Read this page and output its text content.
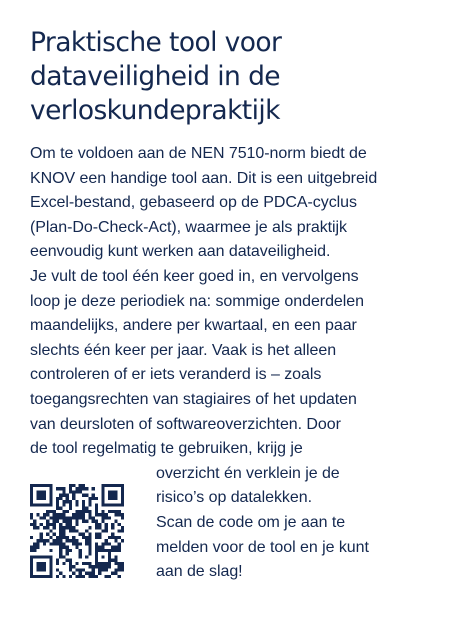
Praktische tool voor
dataveiligheid in de
verloskundepraktijk

Om te voldoen aan de NEN 7510-norm biedt de
KNOV een handige tool aan. Dit is een uitgebreid
Excel-bestand, gebaseerd op de PDCA-cyclus
(Plan-Do-Check-Act), waarmee je als praktijk
eenvoudig kunt werken aan dataveiligheid.

Je vult de tool één keer goed in, en vervolgens
loop je deze periodiek na: sommige onderdelen
maandelijks, andere per kwartaal, en een paar
slechts één keer per jaar. Vaak is het alleen
controleren of er iets veranderd is – zoals
toegangsrechten van stagiaires of het updaten
van deursloten of softwareoverzichten. Door
de tool regelmatig te gebruiken, krijg je

overzicht én verklein je de
risico’s op datalekken.

Scan de code om je aan te
melden voor de tool en je kunt
aan de slag!
